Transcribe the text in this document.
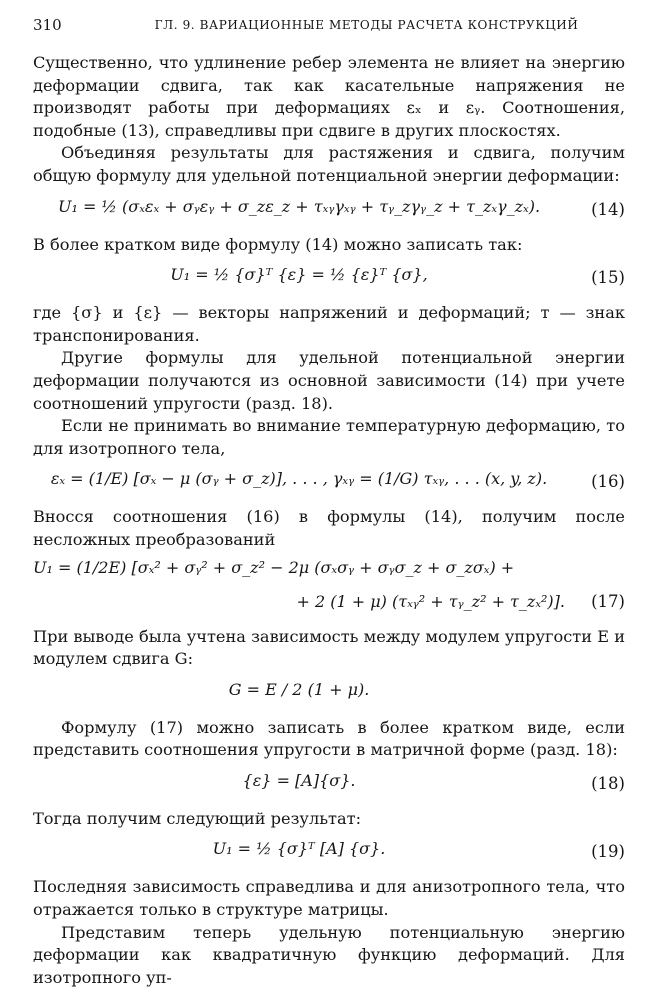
310	ГЛ. 9. ВАРИАЦИОННЫЕ МЕТОДЫ РАСЧЕТА КОНСТРУКЦИЙ

Существенно, что удлинение ребер элемента не влияет на энергию деформации сдвига, так как касательные напряжения не производят работы при деформациях εₓ и εᵧ. Соотношения, подобные (13), справедливы при сдвиге в других плоскостях.

Объединяя результаты для растяжения и сдвига, получим общую формулу для удельной потенциальной энергии деформации:

U₁ = ½ (σₓεₓ + σᵧεᵧ + σ_zε_z + τₓᵧγₓᵧ + τᵧ_zγᵧ_z + τ_zₓγ_zₓ).	(14)

В более кратком виде формулу (14) можно записать так:

U₁ = ½ {σ}ᵀ {ε} = ½ {ε}ᵀ {σ},	(15)

где {σ} и {ε} — векторы напряжений и деформаций; т — знак транспонирования.

Другие формулы для удельной потенциальной энергии деформации получаются из основной зависимости (14) при учете соотношений упругости (разд. 18).

Если не принимать во внимание температурную деформацию, то для изотропного тела,

εₓ = (1/E) [σₓ − μ (σᵧ + σ_z)], . . . , γₓᵧ = (1/G) τₓᵧ, . . . (x, y, z).	(16)

Вносся соотношения (16) в формулы (14), получим после несложных преобразований

U₁ = (1/2E) [σₓ² + σᵧ² + σ_z² − 2μ (σₓσᵧ + σᵧσ_z + σ_zσₓ) +
+ 2 (1 + μ) (τₓᵧ² + τᵧ_z² + τ_zₓ²)]. (17)

При выводе была учтена зависимость между модулем упругости E и модулем сдвига G:

G = E / 2 (1 + μ).

Формулу (17) можно записать в более кратком виде, если представить соотношения упругости в матричной форме (разд. 18):

{ε} = [A]{σ}.	(18)

Тогда получим следующий результат:

U₁ = ½ {σ}ᵀ [A] {σ}.	(19)

Последняя зависимость справедлива и для анизотропного тела, что отражается только в структуре матрицы.

Представим теперь удельную потенциальную энергию деформации как квадратичную функцию деформаций. Для изотропного уп-
